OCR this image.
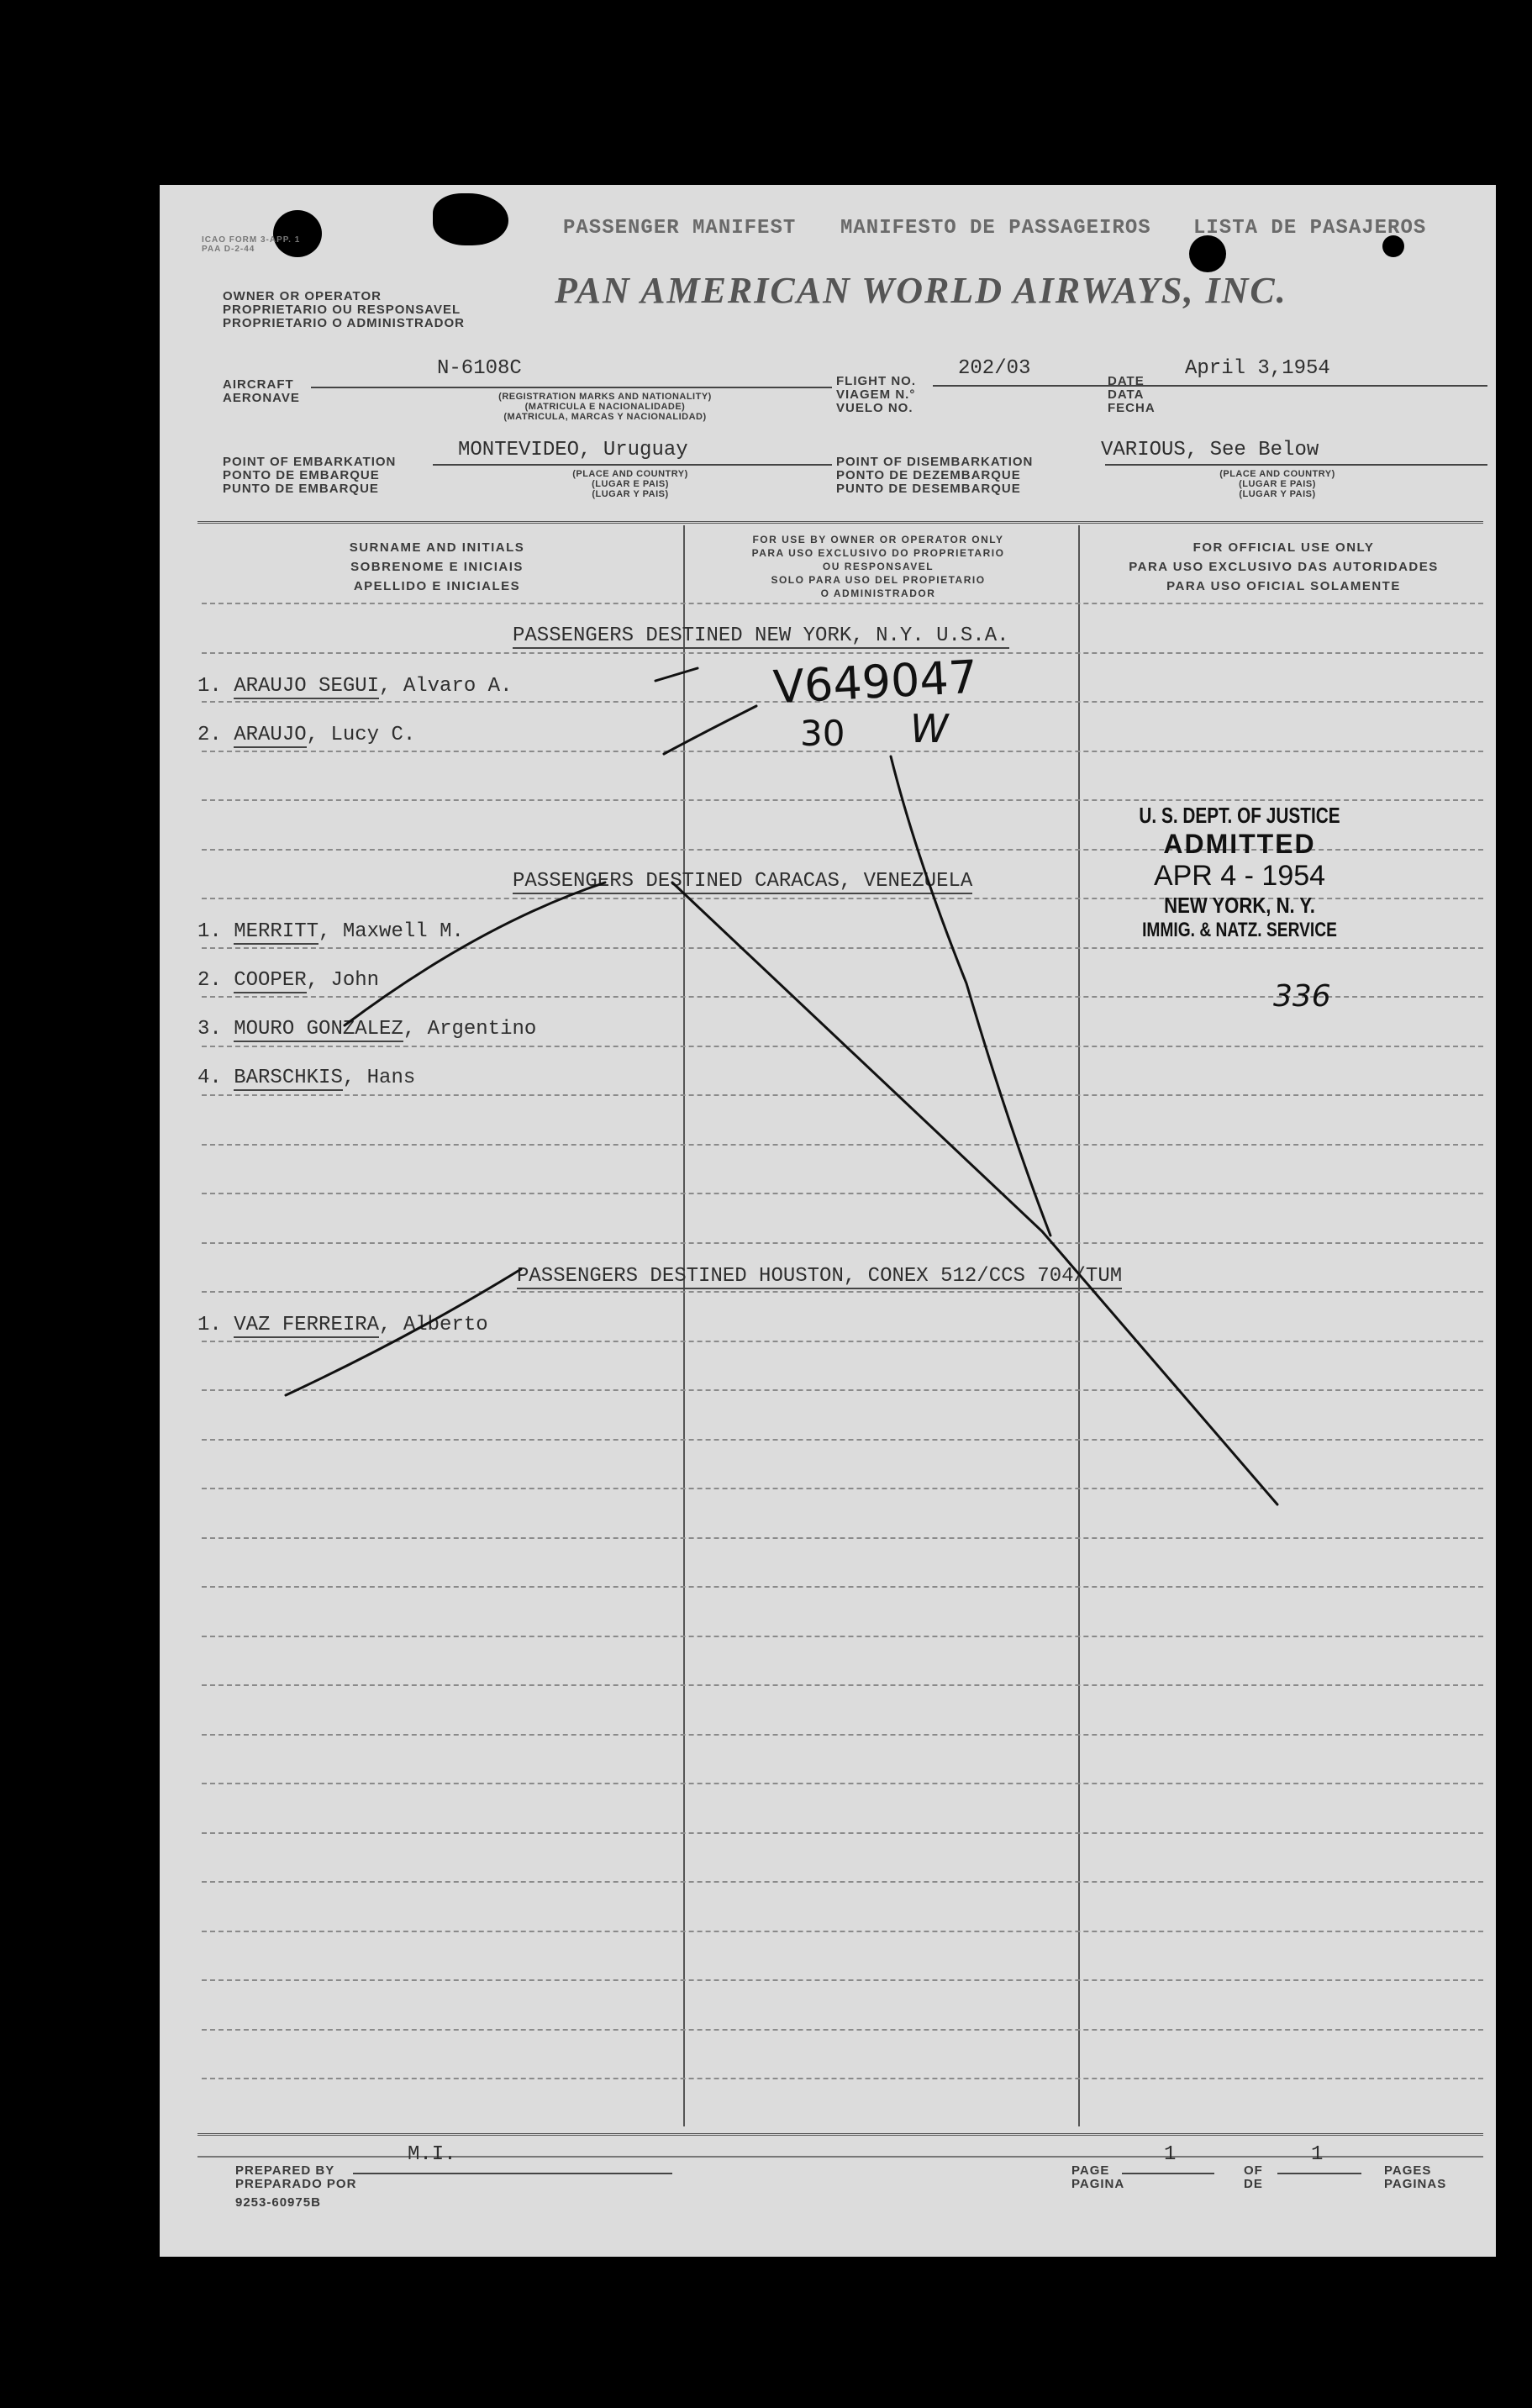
ICAO FORM 3-APP. 1
PAA D-2-44
PASSENGER MANIFEST MANIFESTO DE PASSAGEIROS LISTA DE PASAJEROS
OWNER OR OPERATOR
PROPRIETARIO OU RESPONSAVEL
PROPRIETARIO O ADMINISTRADOR
PAN AMERICAN WORLD AIRWAYS, INC.
AIRCRAFT
AERONAVE
N-6108C
(REGISTRATION MARKS AND NATIONALITY)
(MATRICULA E NACIONALIDADE)
(MATRICULA, MARCAS Y NACIONALIDAD)
FLIGHT NO.
VIAGEM N.°
VUELO NO.
202/03
DATE
DATA
FECHA
April 3,1954
POINT OF EMBARKATION
PONTO DE EMBARQUE
PUNTO DE EMBARQUE
MONTEVIDEO, Uruguay
(PLACE AND COUNTRY)
(LUGAR E PAIS)
(LUGAR Y PAIS)
POINT OF DISEMBARKATION
PONTO DE DEZEMBARQUE
PUNTO DE DESEMBARQUE
VARIOUS, See Below
(PLACE AND COUNTRY)
(LUGAR E PAIS)
(LUGAR Y PAIS)
SURNAME AND INITIALS
SOBRENOME E INICIAIS
APELLIDO E INICIALES
FOR USE BY OWNER OR OPERATOR ONLY
PARA USO EXCLUSIVO DO PROPRIETARIO
OU RESPONSAVEL
SOLO PARA USO DEL PROPIETARIO
O ADMINISTRADOR
FOR OFFICIAL USE ONLY
PARA USO EXCLUSIVO DAS AUTORIDADES
PARA USO OFICIAL SOLAMENTE
PASSENGERS DESTINED NEW YORK, N.Y. U.S.A.
1. ARAUJO SEGUI, Alvaro A.
2. ARAUJO, Lucy C.
PASSENGERS DESTINED CARACAS, VENEZUELA
1. MERRITT, Maxwell M.
2. COOPER, John
3. MOURO GONZALEZ, Argentino
4. BARSCHKIS, Hans
PASSENGERS DESTINED HOUSTON, CONEX 512/CCS 704/TUM
1. VAZ FERREIRA, Alberto
V649047
30 W
U. S. DEPT. OF JUSTICE
ADMITTED
APR 4 - 1954
NEW YORK, N. Y.
IMMIG. & NATZ. SERVICE
336
PREPARED BY
PREPARADO POR
9253-60975B
M.I.
PAGE
PAGINA
1
OF
DE
1
PAGES
PAGINAS
